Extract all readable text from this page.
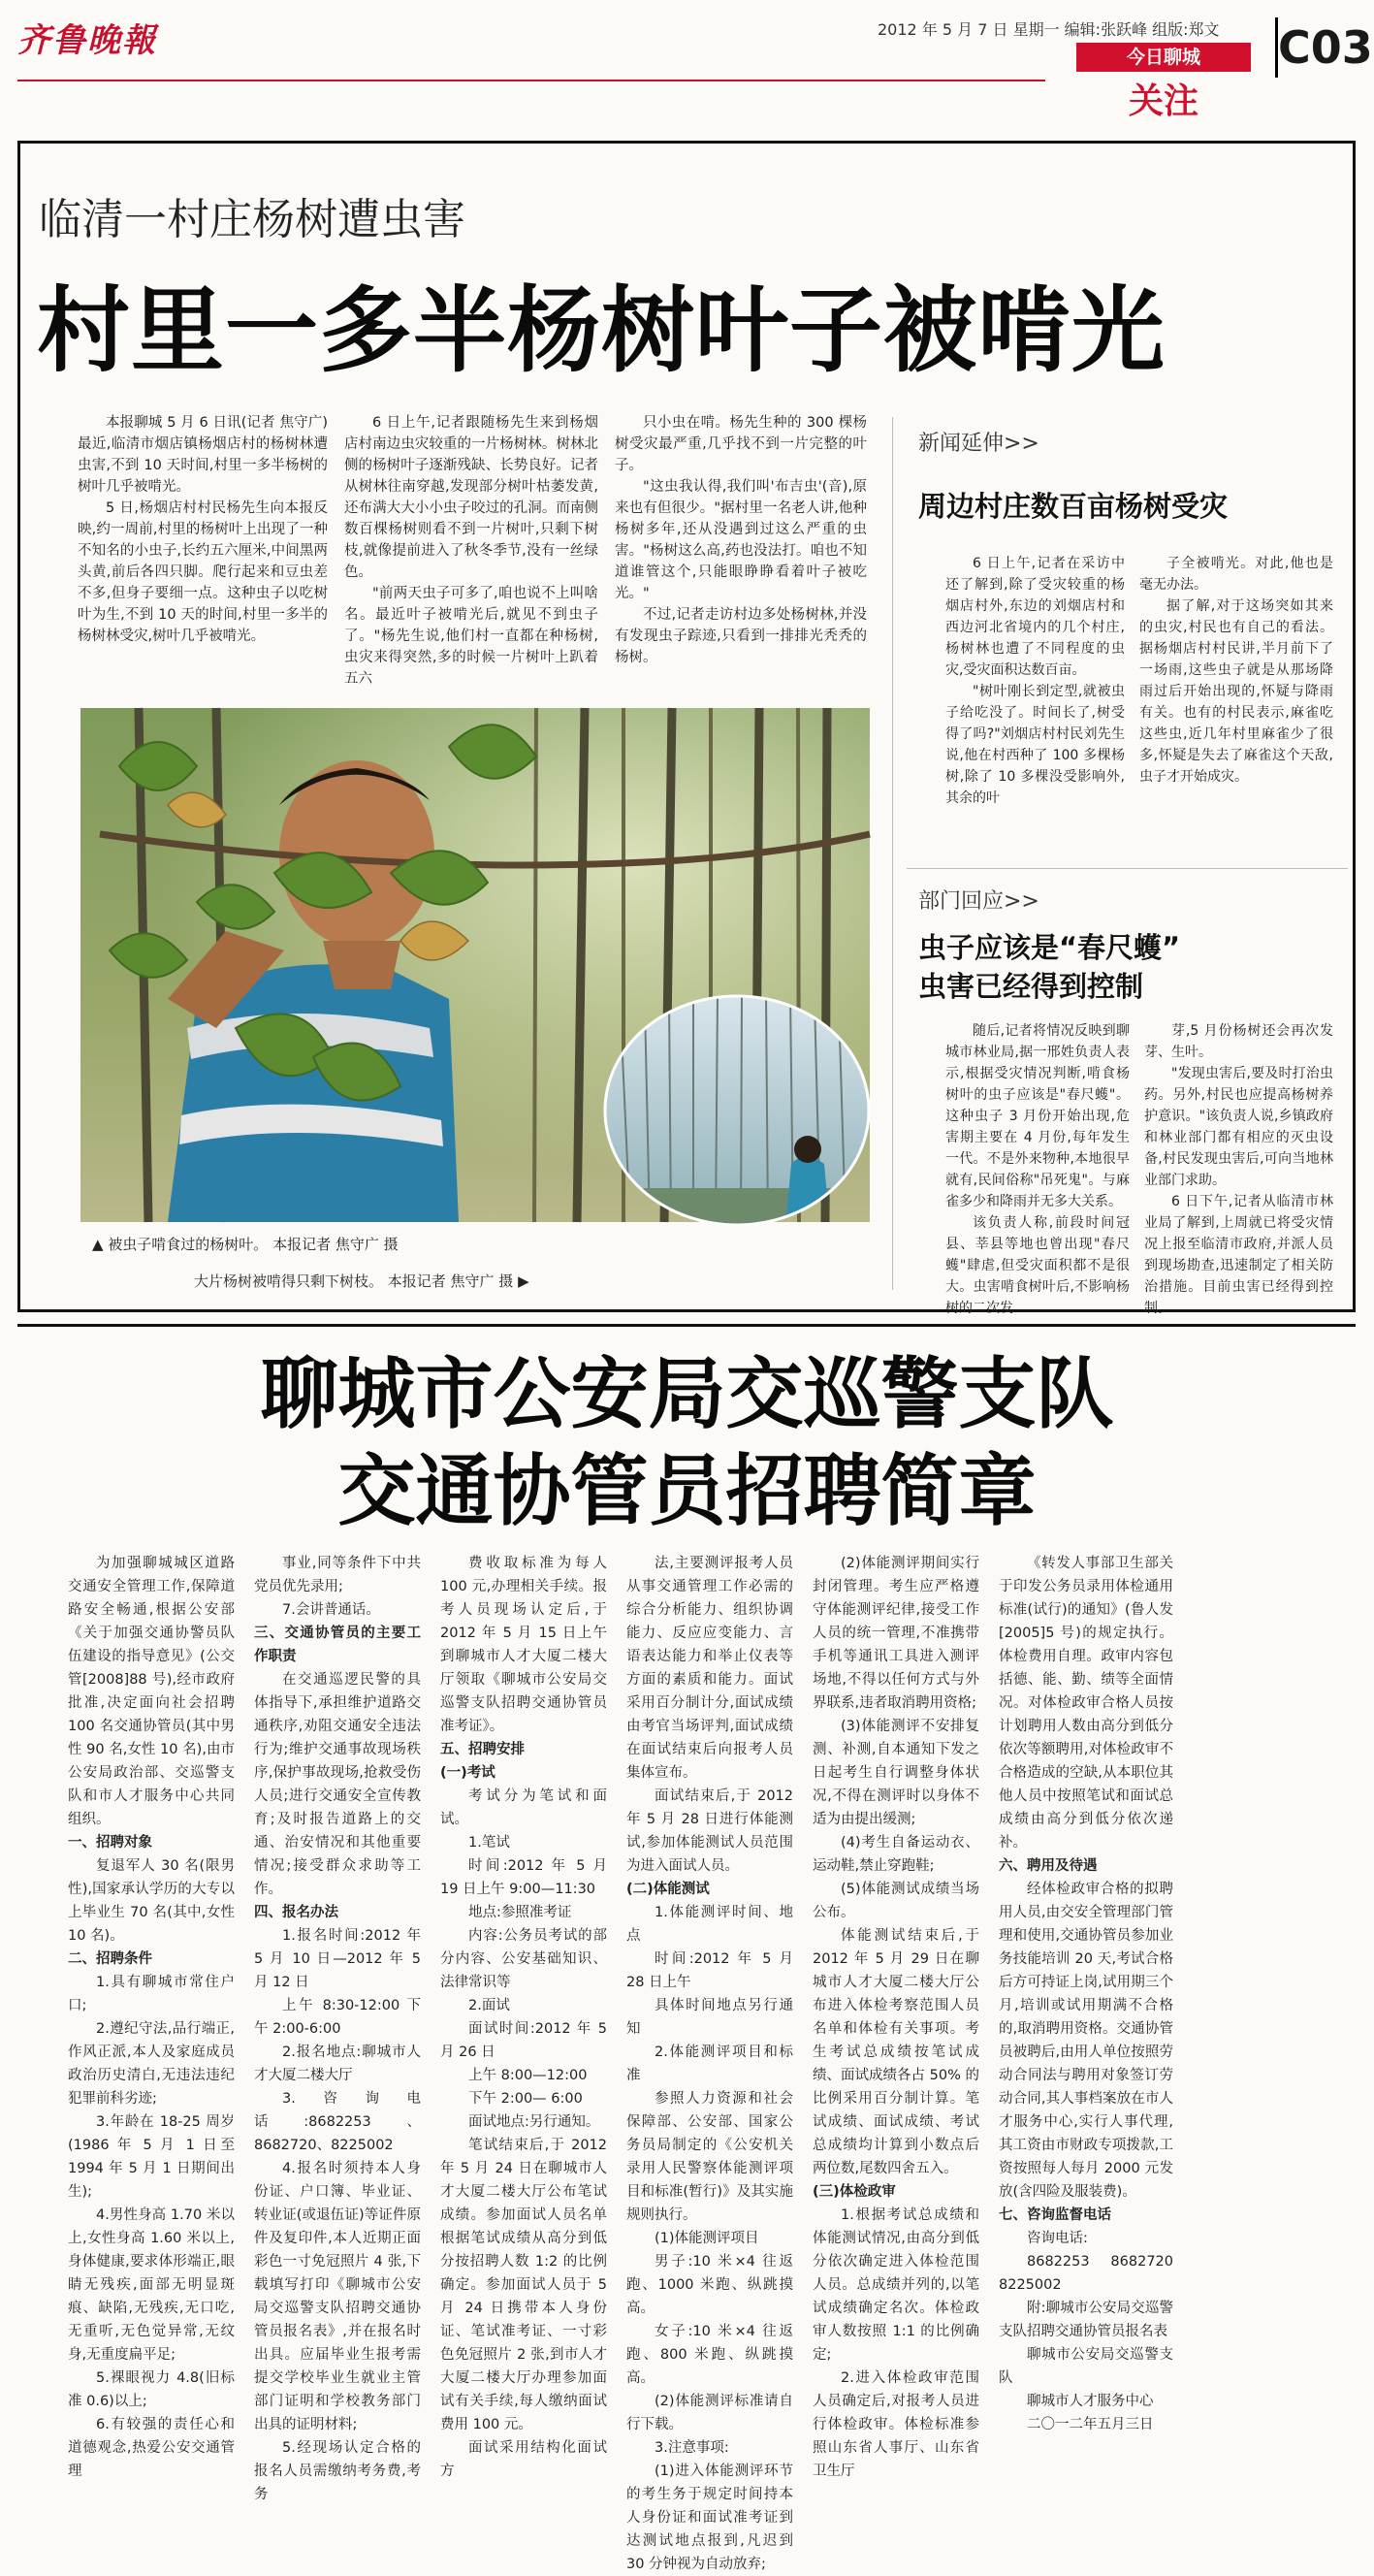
齐鲁晚報	2012 年 5 月 7 日 星期一 编辑:张跃峰 组版:郑文
今日聊城
关注
C03
临清一村庄杨树遭虫害
村里一多半杨树叶子被啃光

本报聊城 5 月 6 日讯(记者 焦守广) 最近,临清市烟店镇杨烟店村的杨树林遭虫害,不到 10 天时间,村里一多半杨树的树叶几乎被啃光。

5 日,杨烟店村村民杨先生向本报反映,约一周前,村里的杨树叶上出现了一种不知名的小虫子,长约五六厘米,中间黑两头黄,前后各四只脚。爬行起来和豆虫差不多,但身子要细一点。这种虫子以吃树叶为生,不到 10 天的时间,村里一多半的杨树林受灾,树叶几乎被啃光。

6 日上午,记者跟随杨先生来到杨烟店村南边虫灾较重的一片杨树林。树林北侧的杨树叶子逐渐残缺、长势良好。记者从树林往南穿越,发现部分树叶枯萎发黄,还布满大大小小虫子咬过的孔洞。而南侧数百棵杨树则看不到一片树叶,只剩下树枝,就像提前进入了秋冬季节,没有一丝绿色。

"前两天虫子可多了,咱也说不上叫啥名。最近叶子被啃光后,就见不到虫子了。"杨先生说,他们村一直都在种杨树,虫灾来得突然,多的时候一片树叶上趴着五六

只小虫在啃。杨先生种的 300 棵杨树受灾最严重,几乎找不到一片完整的叶子。

"这虫我认得,我们叫'布吉虫'(音),原来也有但很少。"据村里一名老人讲,他种杨树多年,还从没遇到过这么严重的虫害。"杨树这么高,药也没法打。咱也不知道谁管这个,只能眼睁睁看着叶子被吃光。"

不过,记者走访村边多处杨树林,并没有发现虫子踪迹,只看到一排排光秃秃的杨树。

▲ 被虫子啃食过的杨树叶。 本报记者 焦守广 摄
大片杨树被啃得只剩下树枝。 本报记者 焦守广 摄 ▶
新闻延伸>>
周边村庄数百亩杨树受灾

6 日上午,记者在采访中还了解到,除了受灾较重的杨烟店村外,东边的刘烟店村和西边河北省境内的几个村庄,杨树林也遭了不同程度的虫灾,受灾面积达数百亩。

"树叶刚长到定型,就被虫子给吃没了。时间长了,树受得了吗?"刘烟店村村民刘先生说,他在村西种了 100 多棵杨树,除了 10 多棵没受影响外,其余的叶

子全被啃光。对此,他也是毫无办法。

据了解,对于这场突如其来的虫灾,村民也有自己的看法。据杨烟店村村民讲,半月前下了一场雨,这些虫子就是从那场降雨过后开始出现的,怀疑与降雨有关。也有的村民表示,麻雀吃这些虫,近几年村里麻雀少了很多,怀疑是失去了麻雀这个天敌,虫子才开始成灾。

部门回应>>
虫子应该是“春尺蠖”
虫害已经得到控制

随后,记者将情况反映到聊城市林业局,据一邢姓负责人表示,根据受灾情况判断,啃食杨树叶的虫子应该是"春尺蠖"。这种虫子 3 月份开始出现,危害期主要在 4 月份,每年发生一代。不是外来物种,本地很早就有,民间俗称"吊死鬼"。与麻雀多少和降雨并无多大关系。

该负责人称,前段时间冠县、莘县等地也曾出现"春尺蠖"肆虐,但受灾面积都不是很大。虫害啃食树叶后,不影响杨树的二次发

芽,5 月份杨树还会再次发芽、生叶。

"发现虫害后,要及时打治虫药。另外,村民也应提高杨树养护意识。"该负责人说,乡镇政府和林业部门都有相应的灭虫设备,村民发现虫害后,可向当地林业部门求助。

6 日下午,记者从临清市林业局了解到,上周就已将受灾情况上报至临清市政府,并派人员到现场勘查,迅速制定了相关防治措施。目前虫害已经得到控制。

聊城市公安局交巡警支队
交通协管员招聘简章

为加强聊城城区道路交通安全管理工作,保障道路安全畅通,根据公安部《关于加强交通协警员队伍建设的指导意见》(公交管[2008]88 号),经市政府批准,决定面向社会招聘 100 名交通协管员(其中男性 90 名,女性 10 名),由市公安局政治部、交巡警支队和市人才服务中心共同组织。

一、招聘对象

复退军人 30 名(限男性),国家承认学历的大专以上毕业生 70 名(其中,女性 10 名)。

二、招聘条件

1.具有聊城市常住户口;

2.遵纪守法,品行端正,作风正派,本人及家庭成员政治历史清白,无违法违纪犯罪前科劣迹;

3.年龄在 18-25 周岁(1986 年 5 月 1 日至 1994 年 5 月 1 日期间出生);

4.男性身高 1.70 米以上,女性身高 1.60 米以上,身体健康,要求体形端正,眼睛无残疾,面部无明显斑痕、缺陷,无残疾,无口吃,无重听,无色觉异常,无纹身,无重度扁平足;

5.裸眼视力 4.8(旧标准 0.6)以上;

6.有较强的责任心和道德观念,热爱公安交通管理

事业,同等条件下中共党员优先录用;

7.会讲普通话。

三、交通协管员的主要工作职责

在交通巡逻民警的具体指导下,承担维护道路交通秩序,劝阻交通安全违法行为;维护交通事故现场秩序,保护事故现场,抢救受伤人员;进行交通安全宣传教育;及时报告道路上的交通、治安情况和其他重要情况;接受群众求助等工作。

四、报名办法

1.报名时间:2012 年 5 月 10 日—2012 年 5 月 12 日

上午 8:30-12:00 下午 2:00-6:00

2.报名地点:聊城市人才大厦二楼大厅

3.咨询电话:8682253、8682720、8225002

4.报名时须持本人身份证、户口簿、毕业证、转业证(或退伍证)等证件原件及复印件,本人近期正面彩色一寸免冠照片 4 张,下载填写打印《聊城市公安局交巡警支队招聘交通协管员报名表》,并在报名时出具。应届毕业生报考需提交学校毕业生就业主管部门证明和学校教务部门出具的证明材料;

5.经现场认定合格的报名人员需缴纳考务费,考务

费收取标准为每人 100 元,办理相关手续。报考人员现场认定后,于 2012 年 5 月 15 日上午到聊城市人才大厦二楼大厅领取《聊城市公安局交巡警支队招聘交通协管员准考证》。

五、招聘安排

(一)考试

考试分为笔试和面试。

1.笔试

时间:2012 年 5 月 19 日上午 9:00—11:30

地点:参照准考证

内容:公务员考试的部分内容、公安基础知识、法律常识等

2.面试

面试时间:2012 年 5 月 26 日

上午 8:00—12:00

下午 2:00— 6:00

面试地点:另行通知。

笔试结束后,于 2012 年 5 月 24 日在聊城市人才大厦二楼大厅公布笔试成绩。参加面试人员名单根据笔试成绩从高分到低分按招聘人数 1:2 的比例确定。参加面试人员于 5 月 24 日携带本人身份证、笔试准考证、一寸彩色免冠照片 2 张,到市人才大厦二楼大厅办理参加面试有关手续,每人缴纳面试费用 100 元。

面试采用结构化面试方

法,主要测评报考人员从事交通管理工作必需的综合分析能力、组织协调能力、反应应变能力、言语表达能力和举止仪表等方面的素质和能力。面试采用百分制计分,面试成绩由考官当场评判,面试成绩在面试结束后向报考人员集体宣布。

面试结束后,于 2012 年 5 月 28 日进行体能测试,参加体能测试人员范围为进入面试人员。

(二)体能测试

1.体能测评时间、地点

时间:2012 年 5 月 28 日上午

具体时间地点另行通知

2.体能测评项目和标准

参照人力资源和社会保障部、公安部、国家公务员局制定的《公安机关录用人民警察体能测评项目和标准(暂行)》及其实施规则执行。

(1)体能测评项目

男子:10 米×4 往返跑、1000 米跑、纵跳摸高。

女子:10 米×4 往返跑、800 米跑、纵跳摸高。

(2)体能测评标准请自行下载。

3.注意事项:

(1)进入体能测评环节的考生务于规定时间持本人身份证和面试准考证到达测试地点报到,凡迟到 30 分钟视为自动放弃;

(2)体能测评期间实行封闭管理。考生应严格遵守体能测评纪律,接受工作人员的统一管理,不准携带手机等通讯工具进入测评场地,不得以任何方式与外界联系,违者取消聘用资格;

(3)体能测评不安排复测、补测,自本通知下发之日起考生自行调整身体状况,不得在测评时以身体不适为由提出缓测;

(4)考生自备运动衣、运动鞋,禁止穿跑鞋;

(5)体能测试成绩当场公布。

体能测试结束后,于 2012 年 5 月 29 日在聊城市人才大厦二楼大厅公布进入体检考察范围人员名单和体检有关事项。考生考试总成绩按笔试成绩、面试成绩各占 50% 的比例采用百分制计算。笔试成绩、面试成绩、考试总成绩均计算到小数点后两位数,尾数四舍五入。

(三)体检政审

1.根据考试总成绩和体能测试情况,由高分到低分依次确定进入体检范围人员。总成绩并列的,以笔试成绩确定名次。体检政审人数按照 1:1 的比例确定;

2.进入体检政审范围人员确定后,对报考人员进行体检政审。体检标准参照山东省人事厅、山东省卫生厅

《转发人事部卫生部关于印发公务员录用体检通用标准(试行)的通知》(鲁人发[2005]5 号)的规定执行。体检费用自理。政审内容包括德、能、勤、绩等全面情况。对体检政审合格人员按计划聘用人数由高分到低分依次等额聘用,对体检政审不合格造成的空缺,从本职位其他人员中按照笔试和面试总成绩由高分到低分依次递补。

六、聘用及待遇

经体检政审合格的拟聘用人员,由交安全管理部门管理和使用,交通协管员参加业务技能培训 20 天,考试合格后方可持证上岗,试用期三个月,培训或试用期满不合格的,取消聘用资格。交通协管员被聘后,由用人单位按照劳动合同法与聘用对象签订劳动合同,其人事档案放在市人才服务中心,实行人事代理,其工资由市财政专项拨款,工资按照每人每月 2000 元发放(含四险及服装费)。

七、咨询监督电话

咨询电话:

8682253 8682720 8225002

附:聊城市公安局交巡警支队招聘交通协管员报名表

聊城市公安局交巡警支队

聊城市人才服务中心

二〇一二年五月三日
